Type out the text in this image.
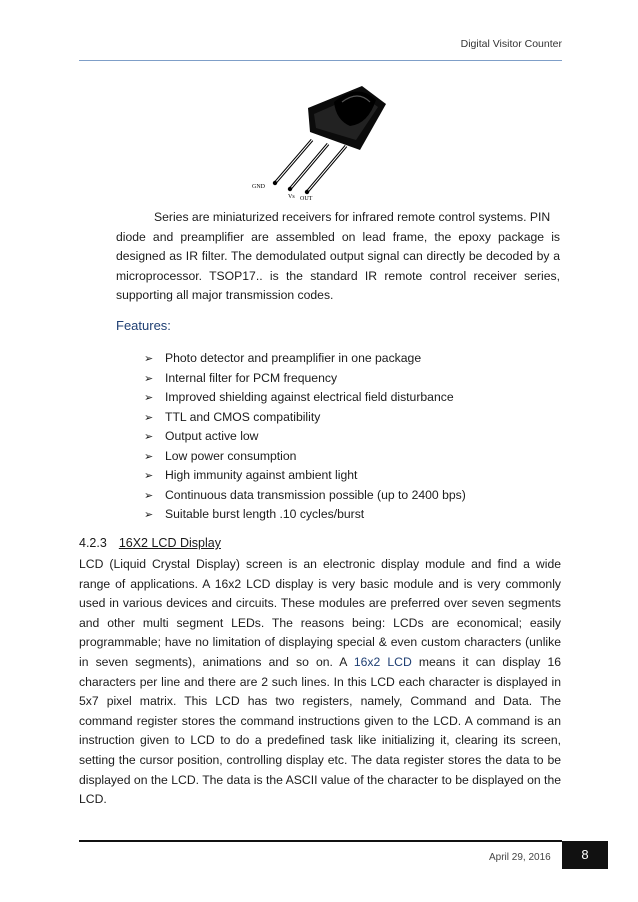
Digital Visitor Counter
GND
Vs OUT
Series are miniaturized receivers for infrared remote control systems. PIN
diode and preamplifier are assembled on lead frame, the epoxy package is designed as IR filter. The demodulated output signal can directly be decoded by a microprocessor. TSOP17.. is the standard IR remote control receiver series, supporting all major transmission codes.
Features:
➢ Photo detector and preamplifier in one package
➢ Internal filter for PCM frequency
➢ Improved shielding against electrical field disturbance
➢ TTL and CMOS compatibility
➢ Output active low
➢ Low power consumption
➢ High immunity against ambient light
➢ Continuous data transmission possible (up to 2400 bps)
➢ Suitable burst length .10 cycles/burst
4.2.3 16X2 LCD Display
LCD (Liquid Crystal Display) screen is an electronic display module and find a wide range of applications. A 16x2 LCD display is very basic module and is very commonly used in various devices and circuits. These modules are preferred over seven segments and other multi segment LEDs. The reasons being: LCDs are economical; easily programmable; have no limitation of displaying special & even custom characters (unlike in seven segments), animations and so on. A 16x2 LCD means it can display 16 characters per line and there are 2 such lines. In this LCD each character is displayed in 5x7 pixel matrix. This LCD has two registers, namely, Command and Data. The command register stores the command instructions given to the LCD. A command is an instruction given to LCD to do a predefined task like initializing it, clearing its screen, setting the cursor position, controlling display etc. The data register stores the data to be displayed on the LCD. The data is the ASCII value of the character to be displayed on the LCD.
April 29, 2016	8
